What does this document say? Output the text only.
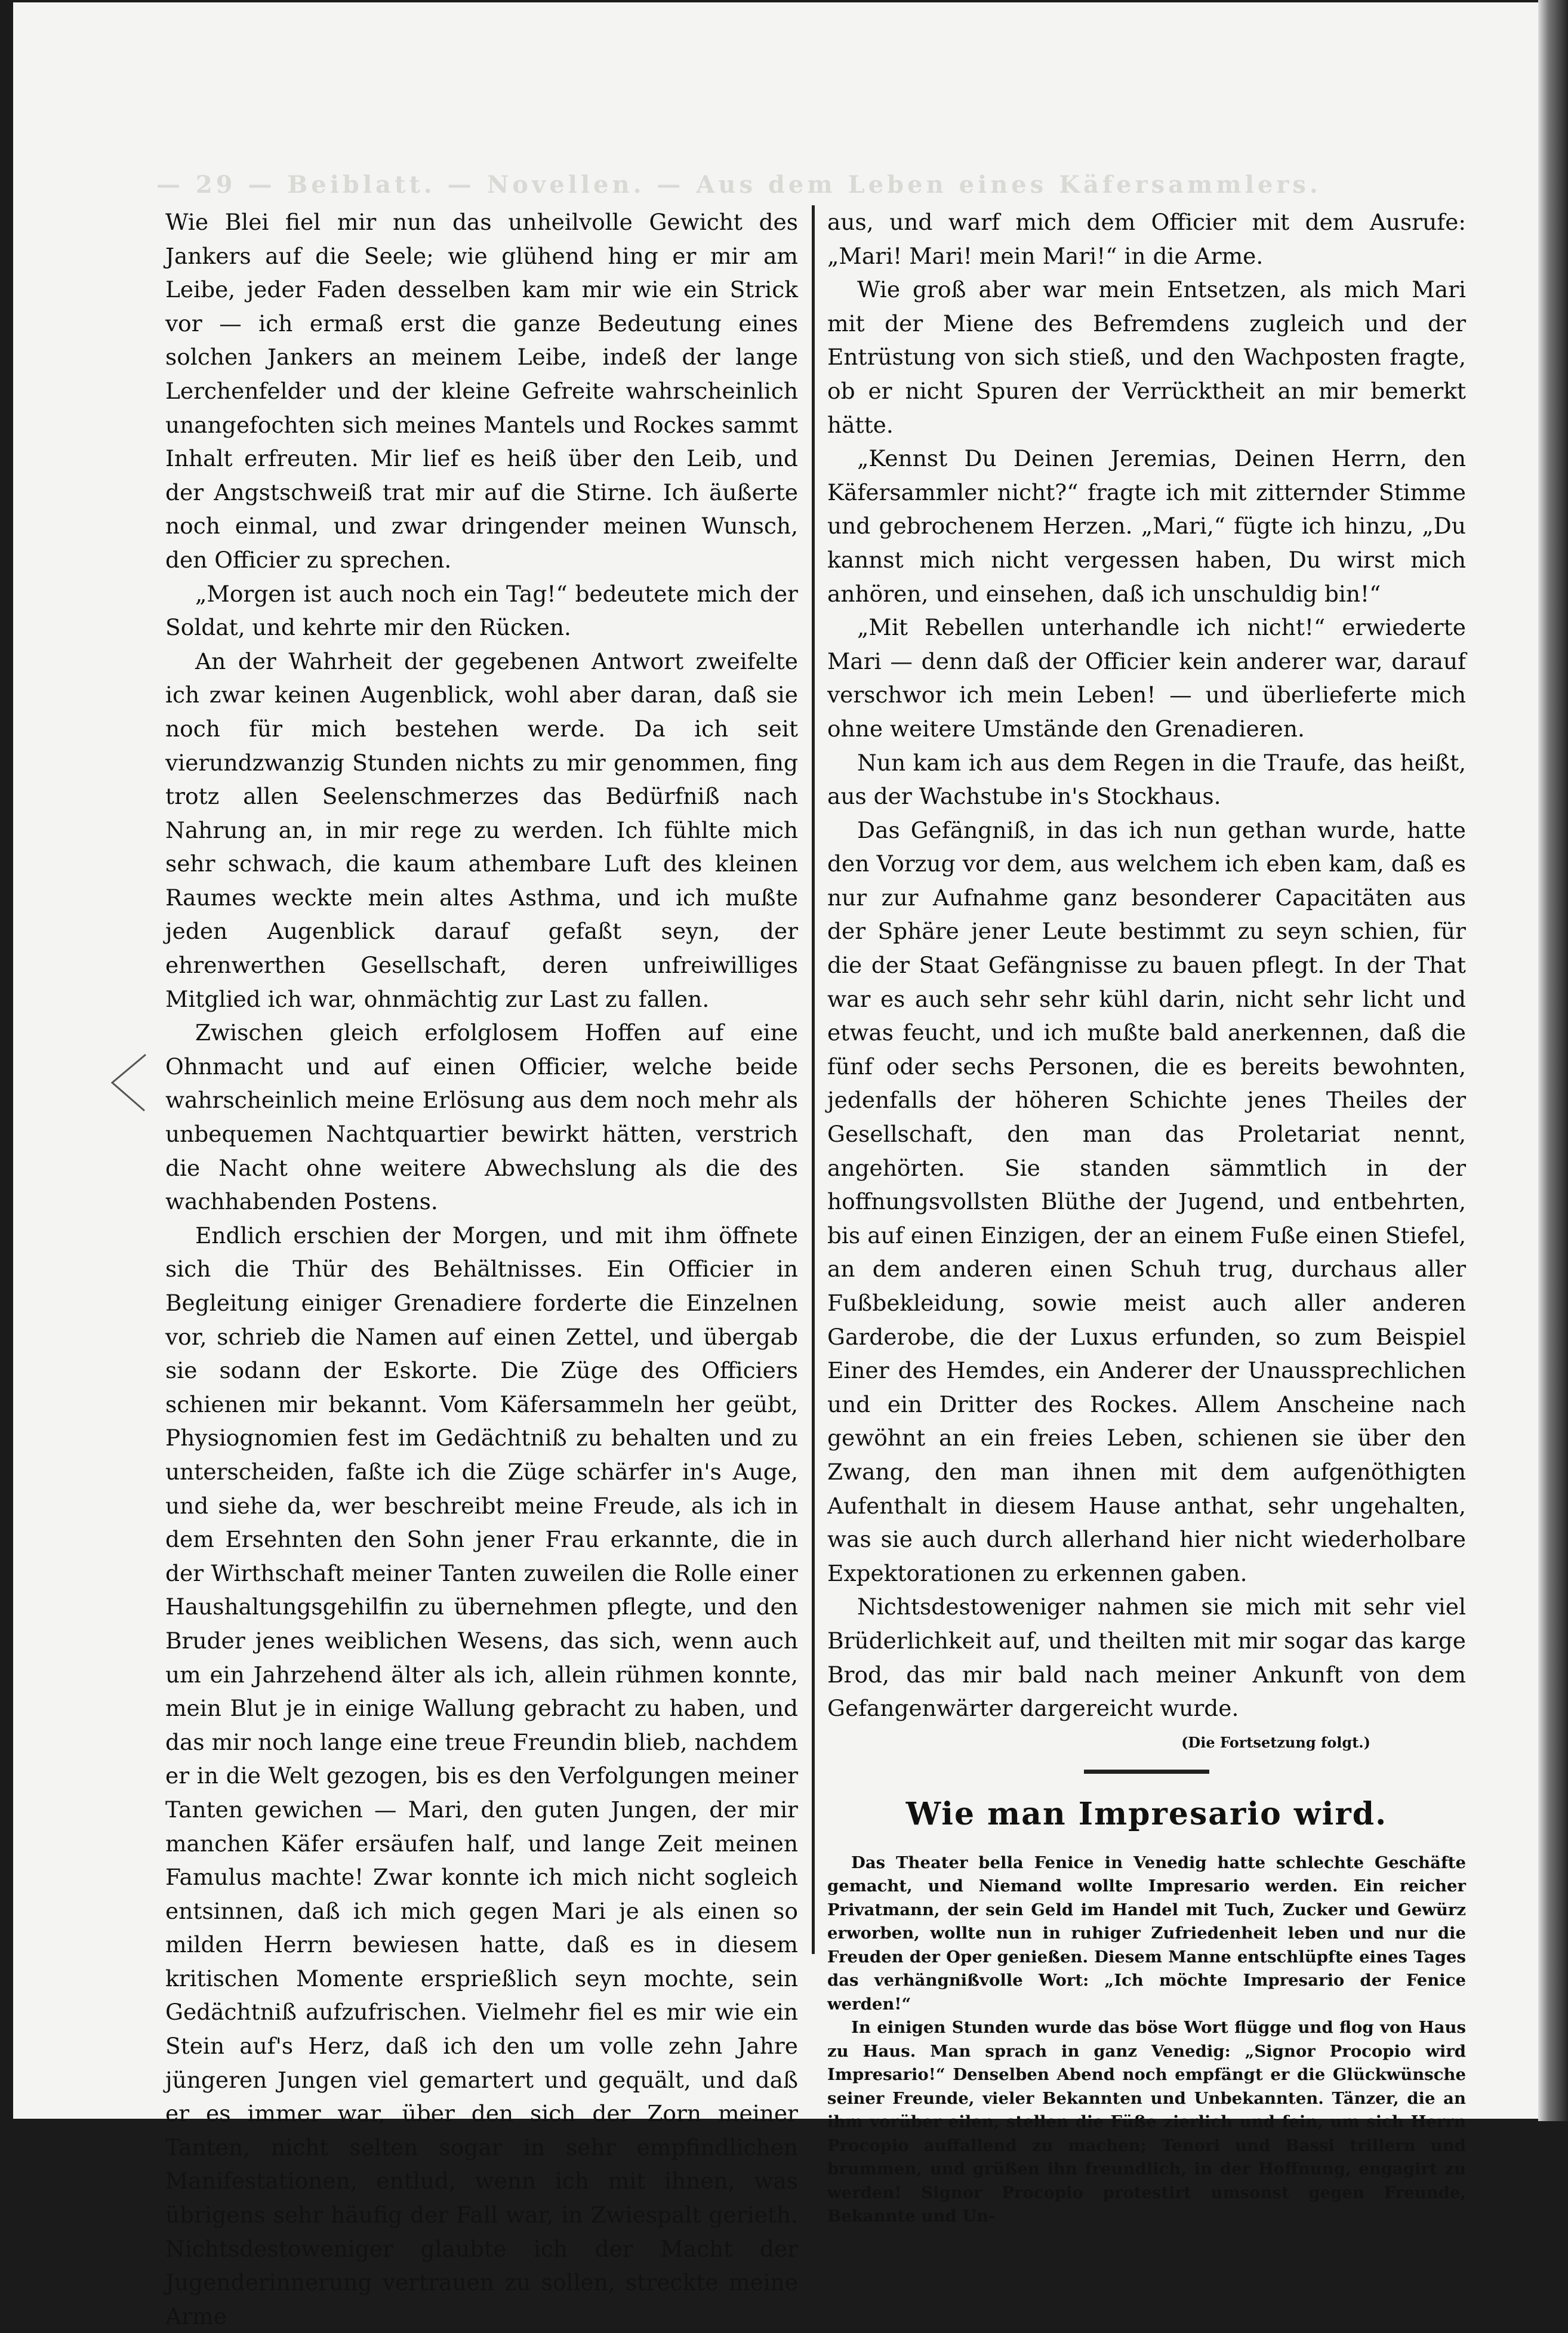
— 29 — Beiblatt. — Novellen. — Aus dem Leben eines Käfersammlers.

Wie Blei fiel mir nun das unheilvolle Gewicht des Jankers auf die Seele; wie glühend hing er mir am Leibe, jeder Faden desselben kam mir wie ein Strick vor — ich ermaß erst die ganze Bedeutung eines solchen Jankers an meinem Leibe, indeß der lange Lerchenfelder und der kleine Gefreite wahrscheinlich unangefochten sich meines Mantels und Rockes sammt Inhalt erfreuten. Mir lief es heiß über den Leib, und der Angstschweiß trat mir auf die Stirne. Ich äußerte noch einmal, und zwar dringender meinen Wunsch, den Officier zu sprechen.

„Morgen ist auch noch ein Tag!“ bedeutete mich der Soldat, und kehrte mir den Rücken.

An der Wahrheit der gegebenen Antwort zweifelte ich zwar keinen Augenblick, wohl aber daran, daß sie noch für mich bestehen werde. Da ich seit vierundzwanzig Stunden nichts zu mir genommen, fing trotz allen Seelenschmerzes das Bedürfniß nach Nahrung an, in mir rege zu werden. Ich fühlte mich sehr schwach, die kaum athembare Luft des kleinen Raumes weckte mein altes Asthma, und ich mußte jeden Augenblick darauf gefaßt seyn, der ehrenwerthen Gesellschaft, deren unfreiwilliges Mitglied ich war, ohnmächtig zur Last zu fallen.

Zwischen gleich erfolglosem Hoffen auf eine Ohnmacht und auf einen Officier, welche beide wahrscheinlich meine Erlösung aus dem noch mehr als unbequemen Nachtquartier bewirkt hätten, verstrich die Nacht ohne weitere Abwechslung als die des wachhabenden Postens.

Endlich erschien der Morgen, und mit ihm öffnete sich die Thür des Behältnisses. Ein Officier in Begleitung einiger Grenadiere forderte die Einzelnen vor, schrieb die Namen auf einen Zettel, und übergab sie sodann der Eskorte. Die Züge des Officiers schienen mir bekannt. Vom Käfersammeln her geübt, Physiognomien fest im Gedächtniß zu behalten und zu unterscheiden, faßte ich die Züge schärfer in's Auge, und siehe da, wer beschreibt meine Freude, als ich in dem Ersehnten den Sohn jener Frau erkannte, die in der Wirthschaft meiner Tanten zuweilen die Rolle einer Haushaltungsgehilfin zu übernehmen pflegte, und den Bruder jenes weiblichen Wesens, das sich, wenn auch um ein Jahrzehend älter als ich, allein rühmen konnte, mein Blut je in einige Wallung gebracht zu haben, und das mir noch lange eine treue Freundin blieb, nachdem er in die Welt gezogen, bis es den Verfolgungen meiner Tanten gewichen — Mari, den guten Jungen, der mir manchen Käfer ersäufen half, und lange Zeit meinen Famulus machte! Zwar konnte ich mich nicht sogleich entsinnen, daß ich mich gegen Mari je als einen so milden Herrn bewiesen hatte, daß es in diesem kritischen Momente ersprießlich seyn mochte, sein Gedächtniß aufzufrischen. Vielmehr fiel es mir wie ein Stein auf's Herz, daß ich den um volle zehn Jahre jüngeren Jungen viel gemartert und gequält, und daß er es immer war, über den sich der Zorn meiner Tanten, nicht selten sogar in sehr empfindlichen Manifestationen, entlud, wenn ich mit ihnen, was übrigens sehr häufig der Fall war, in Zwiespalt gerieth. Nichtsdestoweniger glaubte ich der Macht der Jugenderinnerung vertrauen zu sollen, streckte meine Arme

aus, und warf mich dem Officier mit dem Ausrufe: „Mari! Mari! mein Mari!“ in die Arme.

Wie groß aber war mein Entsetzen, als mich Mari mit der Miene des Befremdens zugleich und der Entrüstung von sich stieß, und den Wachposten fragte, ob er nicht Spuren der Verrücktheit an mir bemerkt hätte.

„Kennst Du Deinen Jeremias, Deinen Herrn, den Käfersammler nicht?“ fragte ich mit zitternder Stimme und gebrochenem Herzen. „Mari,“ fügte ich hinzu, „Du kannst mich nicht vergessen haben, Du wirst mich anhören, und einsehen, daß ich unschuldig bin!“

„Mit Rebellen unterhandle ich nicht!“ erwiederte Mari — denn daß der Officier kein anderer war, darauf verschwor ich mein Leben! — und überlieferte mich ohne weitere Umstände den Grenadieren.

Nun kam ich aus dem Regen in die Traufe, das heißt, aus der Wachstube in's Stockhaus.

Das Gefängniß, in das ich nun gethan wurde, hatte den Vorzug vor dem, aus welchem ich eben kam, daß es nur zur Aufnahme ganz besonderer Capacitäten aus der Sphäre jener Leute bestimmt zu seyn schien, für die der Staat Gefängnisse zu bauen pflegt. In der That war es auch sehr sehr kühl darin, nicht sehr licht und etwas feucht, und ich mußte bald anerkennen, daß die fünf oder sechs Personen, die es bereits bewohnten, jedenfalls der höheren Schichte jenes Theiles der Gesellschaft, den man das Proletariat nennt, angehörten. Sie standen sämmtlich in der hoffnungsvollsten Blüthe der Jugend, und entbehrten, bis auf einen Einzigen, der an einem Fuße einen Stiefel, an dem anderen einen Schuh trug, durchaus aller Fußbekleidung, sowie meist auch aller anderen Garderobe, die der Luxus erfunden, so zum Beispiel Einer des Hemdes, ein Anderer der Unaussprechlichen und ein Dritter des Rockes. Allem Anscheine nach gewöhnt an ein freies Leben, schienen sie über den Zwang, den man ihnen mit dem aufgenöthigten Aufenthalt in diesem Hause anthat, sehr ungehalten, was sie auch durch allerhand hier nicht wiederholbare Expektorationen zu erkennen gaben.

Nichtsdestoweniger nahmen sie mich mit sehr viel Brüderlichkeit auf, und theilten mit mir sogar das karge Brod, das mir bald nach meiner Ankunft von dem Gefangenwärter dargereicht wurde.

(Die Fortsetzung folgt.)
Wie man Impresario wird.

Das Theater bella Fenice in Venedig hatte schlechte Geschäfte gemacht, und Niemand wollte Impresario werden. Ein reicher Privatmann, der sein Geld im Handel mit Tuch, Zucker und Gewürz erworben, wollte nun in ruhiger Zufriedenheit leben und nur die Freuden der Oper genießen. Diesem Manne entschlüpfte eines Tages das verhängnißvolle Wort: „Ich möchte Impresario der Fenice werden!“

In einigen Stunden wurde das böse Wort flügge und flog von Haus zu Haus. Man sprach in ganz Venedig: „Signor Procopio wird Impresario!“ Denselben Abend noch empfängt er die Glückwünsche seiner Freunde, vieler Bekannten und Unbekannten. Tänzer, die an ihm vorüber eilen, stellen die Füße zierlich und fein, um sich Herrn Procopio auffallend zu machen; Tenori und Bassi trillern und brummen, und grüßen ihn freundlich, in der Hoffnung, engagirt zu werden! Signor Procopio protestirt umsonst gegen Freunde, Bekannte und Un-
